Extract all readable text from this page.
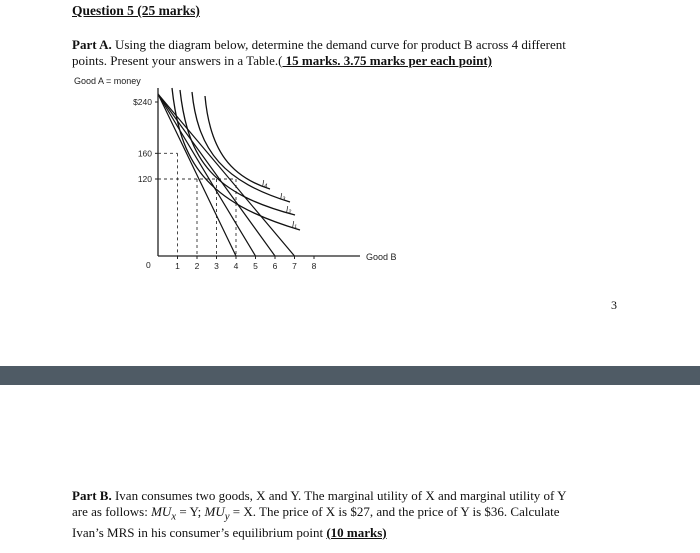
Question 5 (25 marks)
Part A. Using the diagram below, determine the demand curve for product B across 4 different
points. Present your answers in a Table.( 15 marks. 3.75 marks per each point)
Good A = money
Good B
0
$240
160
120
1 2 3 4 5 6 7 8
I₁
I₂
I₃
I₄
3
Part B. Ivan consumes two goods, X and Y. The marginal utility of X and marginal utility of Y
are as follows: $MU_x = Y$; $MU_y = X$. The price of X is $27, and the price of Y is $36. Calculate
Ivan’s MRS in his consumer’s equilibrium point (10 marks)
